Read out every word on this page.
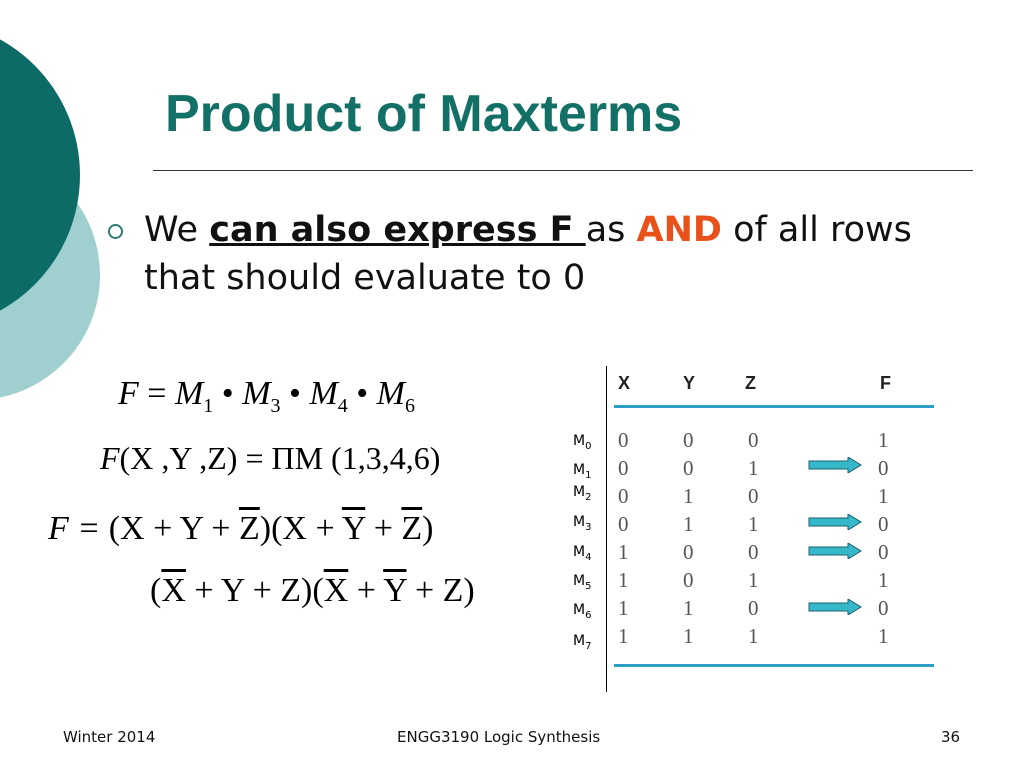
Product of Maxterms
We can also express F as AND of all rows that should evaluate to 0
$F = M_1$ • $M_3$ • $M_4$ • $M_6$
F(X ,Y ,Z) = ΠM (1,3,4,6)
$F = (X + Y + \overline{Z})(X + \overline{Y} + \overline{Z})$
$(\overline{X} + Y + Z)(\overline{X} + \overline{Y} + Z)$
X	Y	Z	F
$M_0$ 0	0	0	1
$M_1$ 0	0	1	0
$M_2$ 0	1	0	1
$M_3$ 0	1	1	0
$M_4$ 1	0	0	0
$M_5$ 1	0	1	1
$M_6$ 1	1	0	0
$M_7$ 1	1	1	1
Winter 2014	ENGG3190 Logic Synthesis	36
